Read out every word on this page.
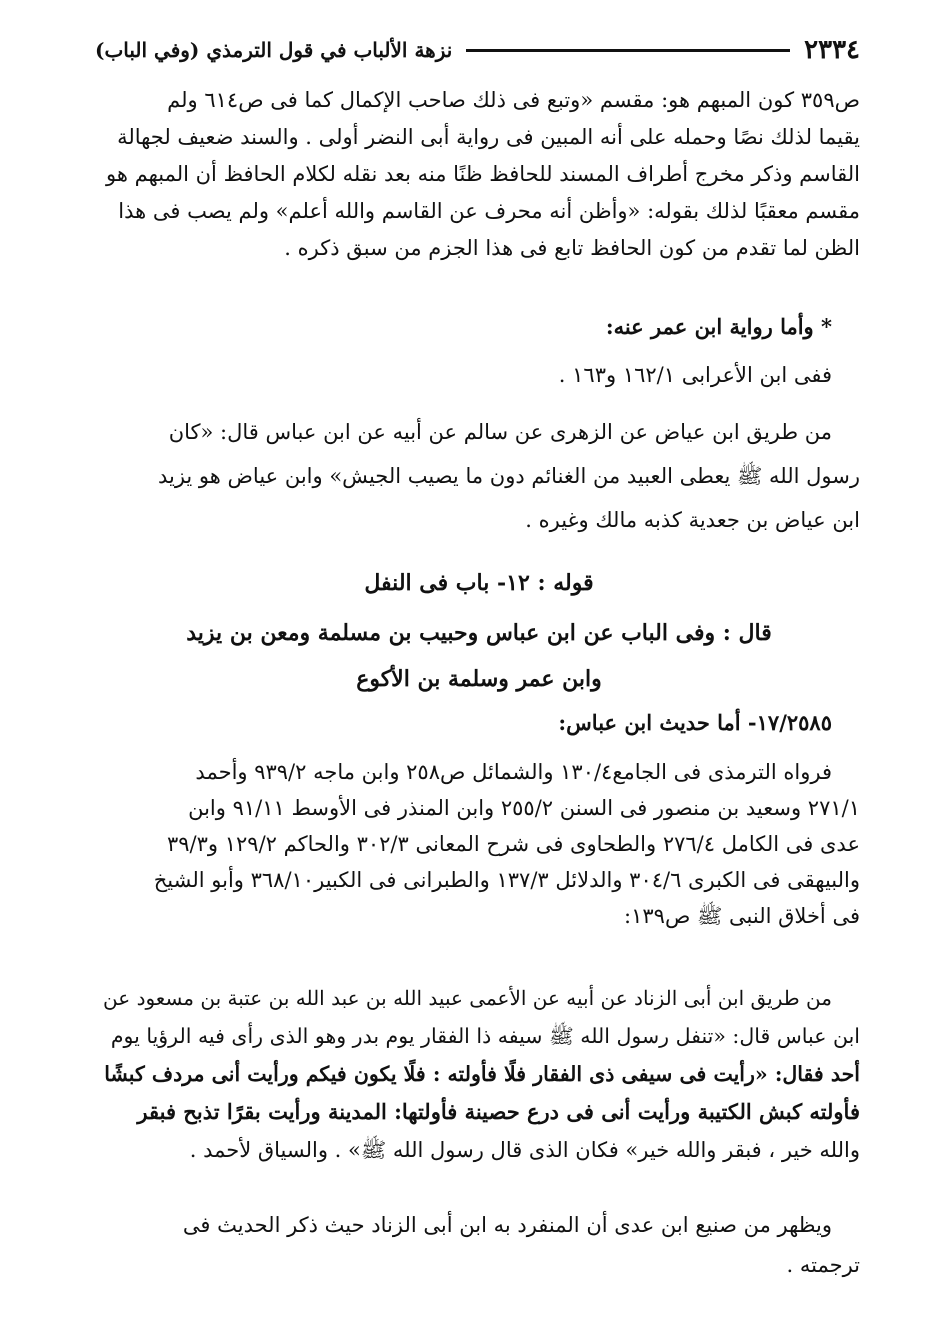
٢٣٣٤
نزهة الألباب في قول الترمذي (وفي الباب)
ص٣٥٩ كون المبهم هو: مقسم «وتبع فى ذلك صاحب الإكمال كما فى ص٦١٤ ولم
يقيما لذلك نصًا وحمله على أنه المبين فى رواية أبى النضر أولى . والسند ضعيف لجهالة
القاسم وذكر مخرج أطراف المسند للحافظ ظنًا منه بعد نقله لكلام الحافظ أن المبهم هو
مقسم معقبًا لذلك بقوله: «وأظن أنه محرف عن القاسم والله أعلم» ولم يصب فى هذا
الظن لما تقدم من كون الحافظ تابع فى هذا الجزم من سبق ذكره .
* وأما رواية ابن عمر عنه:
ففى ابن الأعرابى ١٦٢/١ و١٦٣ .
من طريق ابن عياض عن الزهرى عن سالم عن أبيه عن ابن عباس قال: «كان
رسول الله ﷺ يعطى العبيد من الغنائم دون ما يصيب الجيش» وابن عياض هو يزيد
ابن عياض بن جعدية كذبه مالك وغيره .
قوله : ١٢- باب فى النفل
قال : وفى الباب عن ابن عباس وحبيب بن مسلمة ومعن بن يزيد
وابن عمر وسلمة بن الأكوع
١٧/٢٥٨٥- أما حديث ابن عباس:
فرواه الترمذى فى الجامع١٣٠/٤ والشمائل ص٢٥٨ وابن ماجه ٩٣٩/٢ وأحمد
٢٧١/١ وسعيد بن منصور فى السنن ٢٥٥/٢ وابن المنذر فى الأوسط ٩١/١١ وابن
عدى فى الكامل ٢٧٦/٤ والطحاوى فى شرح المعانى ٣٠٢/٣ والحاكم ١٢٩/٢ و٣٩/٣
والبيهقى فى الكبرى ٣٠٤/٦ والدلائل ١٣٧/٣ والطبرانى فى الكبير٣٦٨/١٠ وأبو الشيخ
فى أخلاق النبى ﷺ ص١٣٩:
من طريق ابن أبى الزناد عن أبيه عن الأعمى عبيد الله بن عبد الله بن عتبة بن مسعود عن
ابن عباس قال: «تنفل رسول الله ﷺ سيفه ذا الفقار يوم بدر وهو الذى رأى فيه الرؤيا يوم
أحد فقال: «رأيت فى سيفى ذى الفقار فلًا فأولته : فلًا يكون فيكم ورأيت أنى مردف كبشًا
فأولته كبش الكتيبة ورأيت أنى فى درع حصينة فأولتها: المدينة ورأيت بقرًا تذبح فبقر
والله خير ، فبقر والله خير» فكان الذى قال رسول الله ﷺ» . والسياق لأحمد .
ويظهر من صنيع ابن عدى أن المنفرد به ابن أبى الزناد حيث ذكر الحديث فى
ترجمته .
